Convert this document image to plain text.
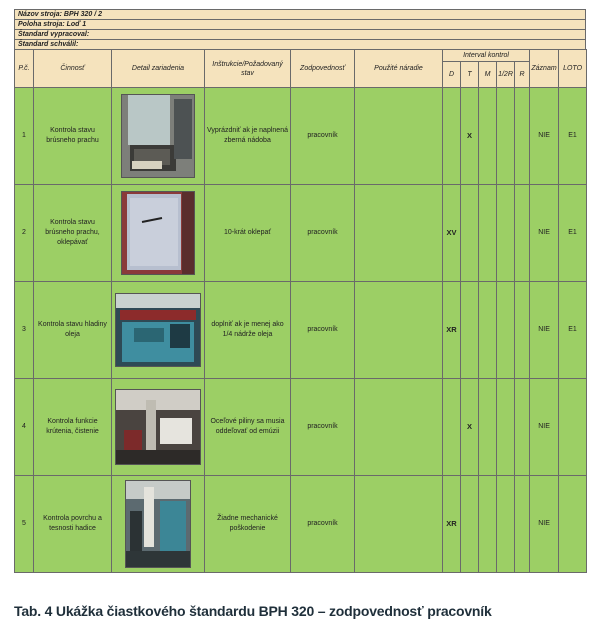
Názov stroja: BPH 320 / 2
Poloha stroja: Loď 1
Štandard vypracoval:
Štandard schválil:
P.č.	Činnosť	Detail zariadenia	Inštrukcie/Požadovaný stav	Zodpovednosť	Použité náradie	Interval kontrol					Záznam	LOTO
						D	T	M	1/2R	R		
1	Kontrola stavu brúsneho prachu		Vyprázdniť ak je naplnená zberná nádoba	pracovník			X				NIE	E1
2	Kontrola stavu brúsneho prachu, oklepávať		10-krát oklepať	pracovník		XV					NIE	E1
3	Kontrola stavu hladiny oleja		doplniť ak je menej ako 1/4 nádrže oleja	pracovník		XR					NIE	E1
4	Kontrola funkcie krútenia, čistenie		Oceľové piliny sa musia oddeľovať od emúzii	pracovník			X				NIE	
5	Kontrola povrchu a tesnosti hadice		Žiadne mechanické poškodenie	pracovník		XR					NIE	
Tab. 4 Ukážka čiastkového štandardu BPH 320 – zodpovednosť pracovník
